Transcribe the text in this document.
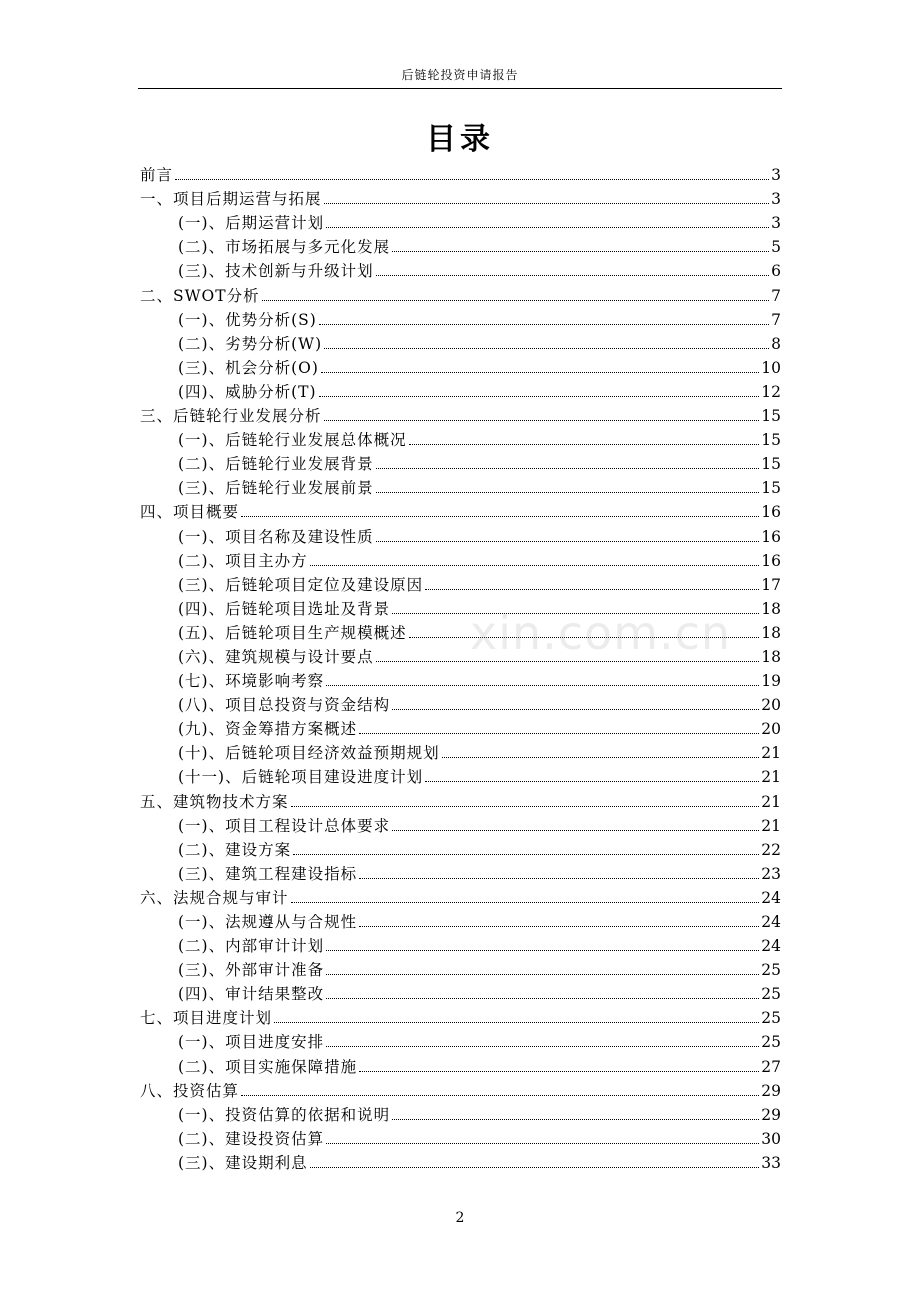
后链轮投资申请报告
目录
前言	3
一、项目后期运营与拓展	3
(一)、后期运营计划	3
(二)、市场拓展与多元化发展	5
(三)、技术创新与升级计划	6
二、SWOT分析	7
(一)、优势分析(S)	7
(二)、劣势分析(W)	8
(三)、机会分析(O)	10
(四)、威胁分析(T)	12
三、后链轮行业发展分析	15
(一)、后链轮行业发展总体概况	15
(二)、后链轮行业发展背景	15
(三)、后链轮行业发展前景	15
四、项目概要	16
(一)、项目名称及建设性质	16
(二)、项目主办方	16
(三)、后链轮项目定位及建设原因	17
(四)、后链轮项目选址及背景	18
(五)、后链轮项目生产规模概述	18
(六)、建筑规模与设计要点	18
(七)、环境影响考察	19
(八)、项目总投资与资金结构	20
(九)、资金筹措方案概述	20
(十)、后链轮项目经济效益预期规划	21
(十一)、后链轮项目建设进度计划	21
五、建筑物技术方案	21
(一)、项目工程设计总体要求	21
(二)、建设方案	22
(三)、建筑工程建设指标	23
六、法规合规与审计	24
(一)、法规遵从与合规性	24
(二)、内部审计计划	24
(三)、外部审计准备	25
(四)、审计结果整改	25
七、项目进度计划	25
(一)、项目进度安排	25
(二)、项目实施保障措施	27
八、投资估算	29
(一)、投资估算的依据和说明	29
(二)、建设投资估算	30
(三)、建设期利息	33
xin.com.cn
2
